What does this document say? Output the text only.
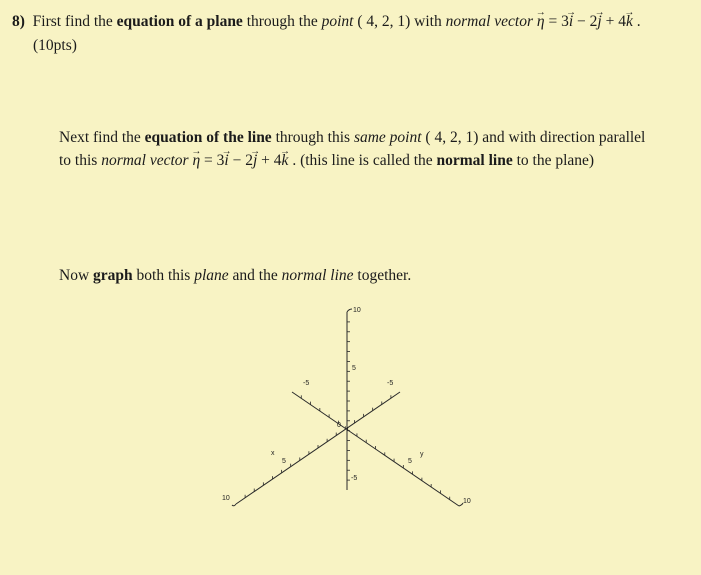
8) First find the equation of a plane through the point ( 4, 2, 1) with normal vector → η = 3→ i − 2→ j + 4→ k .
(10pts)
Next find the equation of the line through this same point ( 4, 2, 1) and with direction parallel
to this normal vector → η = 3→ i − 2→ j + 4→ k . (this line is called the normal line to the plane)
Now graph both this plane and the normal line together.
10
5
0
-5
-5	-5
x
5
10
y
5
10
